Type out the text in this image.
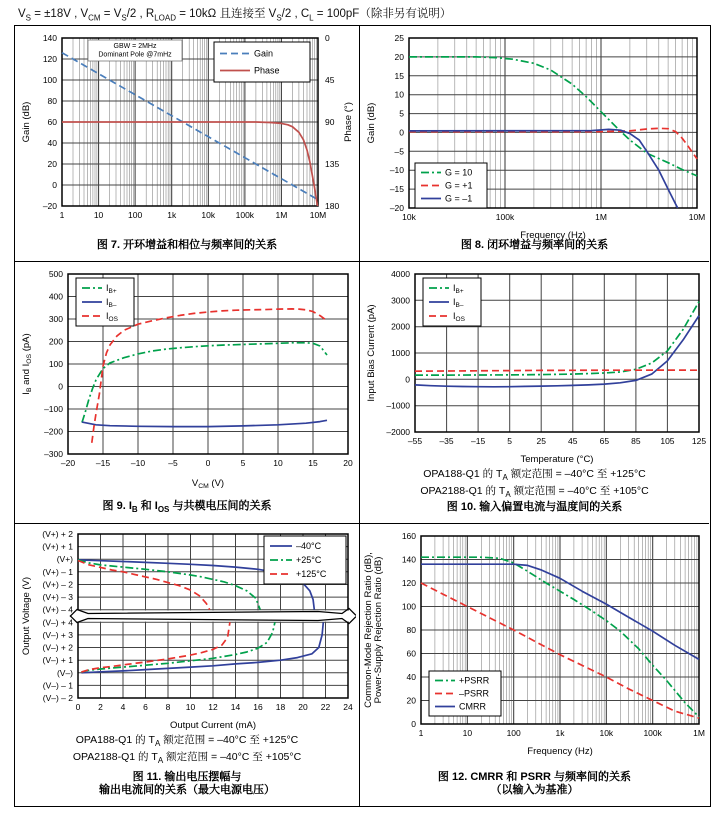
$V_S = \pm 18V$ , $V_{CM} = V_S/2$ , $R_{LOAD} = 10k\Omega$ 且连接至 $V_S/2$ , $C_L = 100pF$（除非另有说明）
1	10	100	1k	10k 100k	1M	10M
–20
0
20
40
60
80
100
120
140	0
45
90
135
180
Gain (dB)	Phase (°)
GBW = 2MHz
Dominant Pole @7mHz	Gain
Phase
图 7. 开环增益和相位与频率间的关系
10k	100k	1M	10M
–20
–15
–10
–5
0
5
10
15
20
25
Frequency (Hz)
Gain (dB)
G = 10
G = +1
G = –1
图 8. 闭环增益与频率间的关系
–20 –15 –10	–5	0	5	10	15	20
–300
–200
–100
0
100
200
300
400
500
$V_{CM}$ (V)
$I_B$ and $I_{OS}$ (pA)
$I_{B+}$
$I_{B-}$
$I_{OS}$
图 9. $I_B$ 和 $I_{OS}$ 与共模电压间的关系
–55 –35 –15	5	25	45	65	85 105 125
–2000
–1000
0
1000
2000
3000
4000
Temperature (°C)
Input Bias Current (pA)
$I_{B+}$
$I_{B-}$
$I_{OS}$
OPA188-Q1 的 $T_A$ 额定范围 = –40°C 至 +125°C
OPA2188-Q1 的 $T_A$ 额定范围 = –40°C 至 +105°C
图 10. 输入偏置电流与温度间的关系
0 2 4 6 8 10 12 14 16 18 20 22 24
(V+) + 2
(V+) + 1
(V+)
(V+) – 1
(V+) – 2
(V+) – 3
(V+) – 4
(V–) + 4
(V–) + 3
(V–) + 2
(V–) + 1
(V–)
(V–) – 1
(V–) – 2
Output Current (mA)
Output Voltage (V)
–40°C
+25°C
+125°C
OPA188-Q1 的 $T_A$ 额定范围 = –40°C 至 +125°C
OPA2188-Q1 的 $T_A$ 额定范围 = –40°C 至 +105°C
图 11. 输出电压摆幅与
输出电流间的关系（最大电源电压）
1	10	100	1k	10k	100k	1M
0
20
40
60
80
100
120
140
160
Frequency (Hz)
Common-Mode Rejection Ratio (dB), Power-Supply Rejection Ratio (dB)	+PSRR
–PSRR
CMRR
图 12. CMRR 和 PSRR 与频率间的关系
（以输入为基准）
